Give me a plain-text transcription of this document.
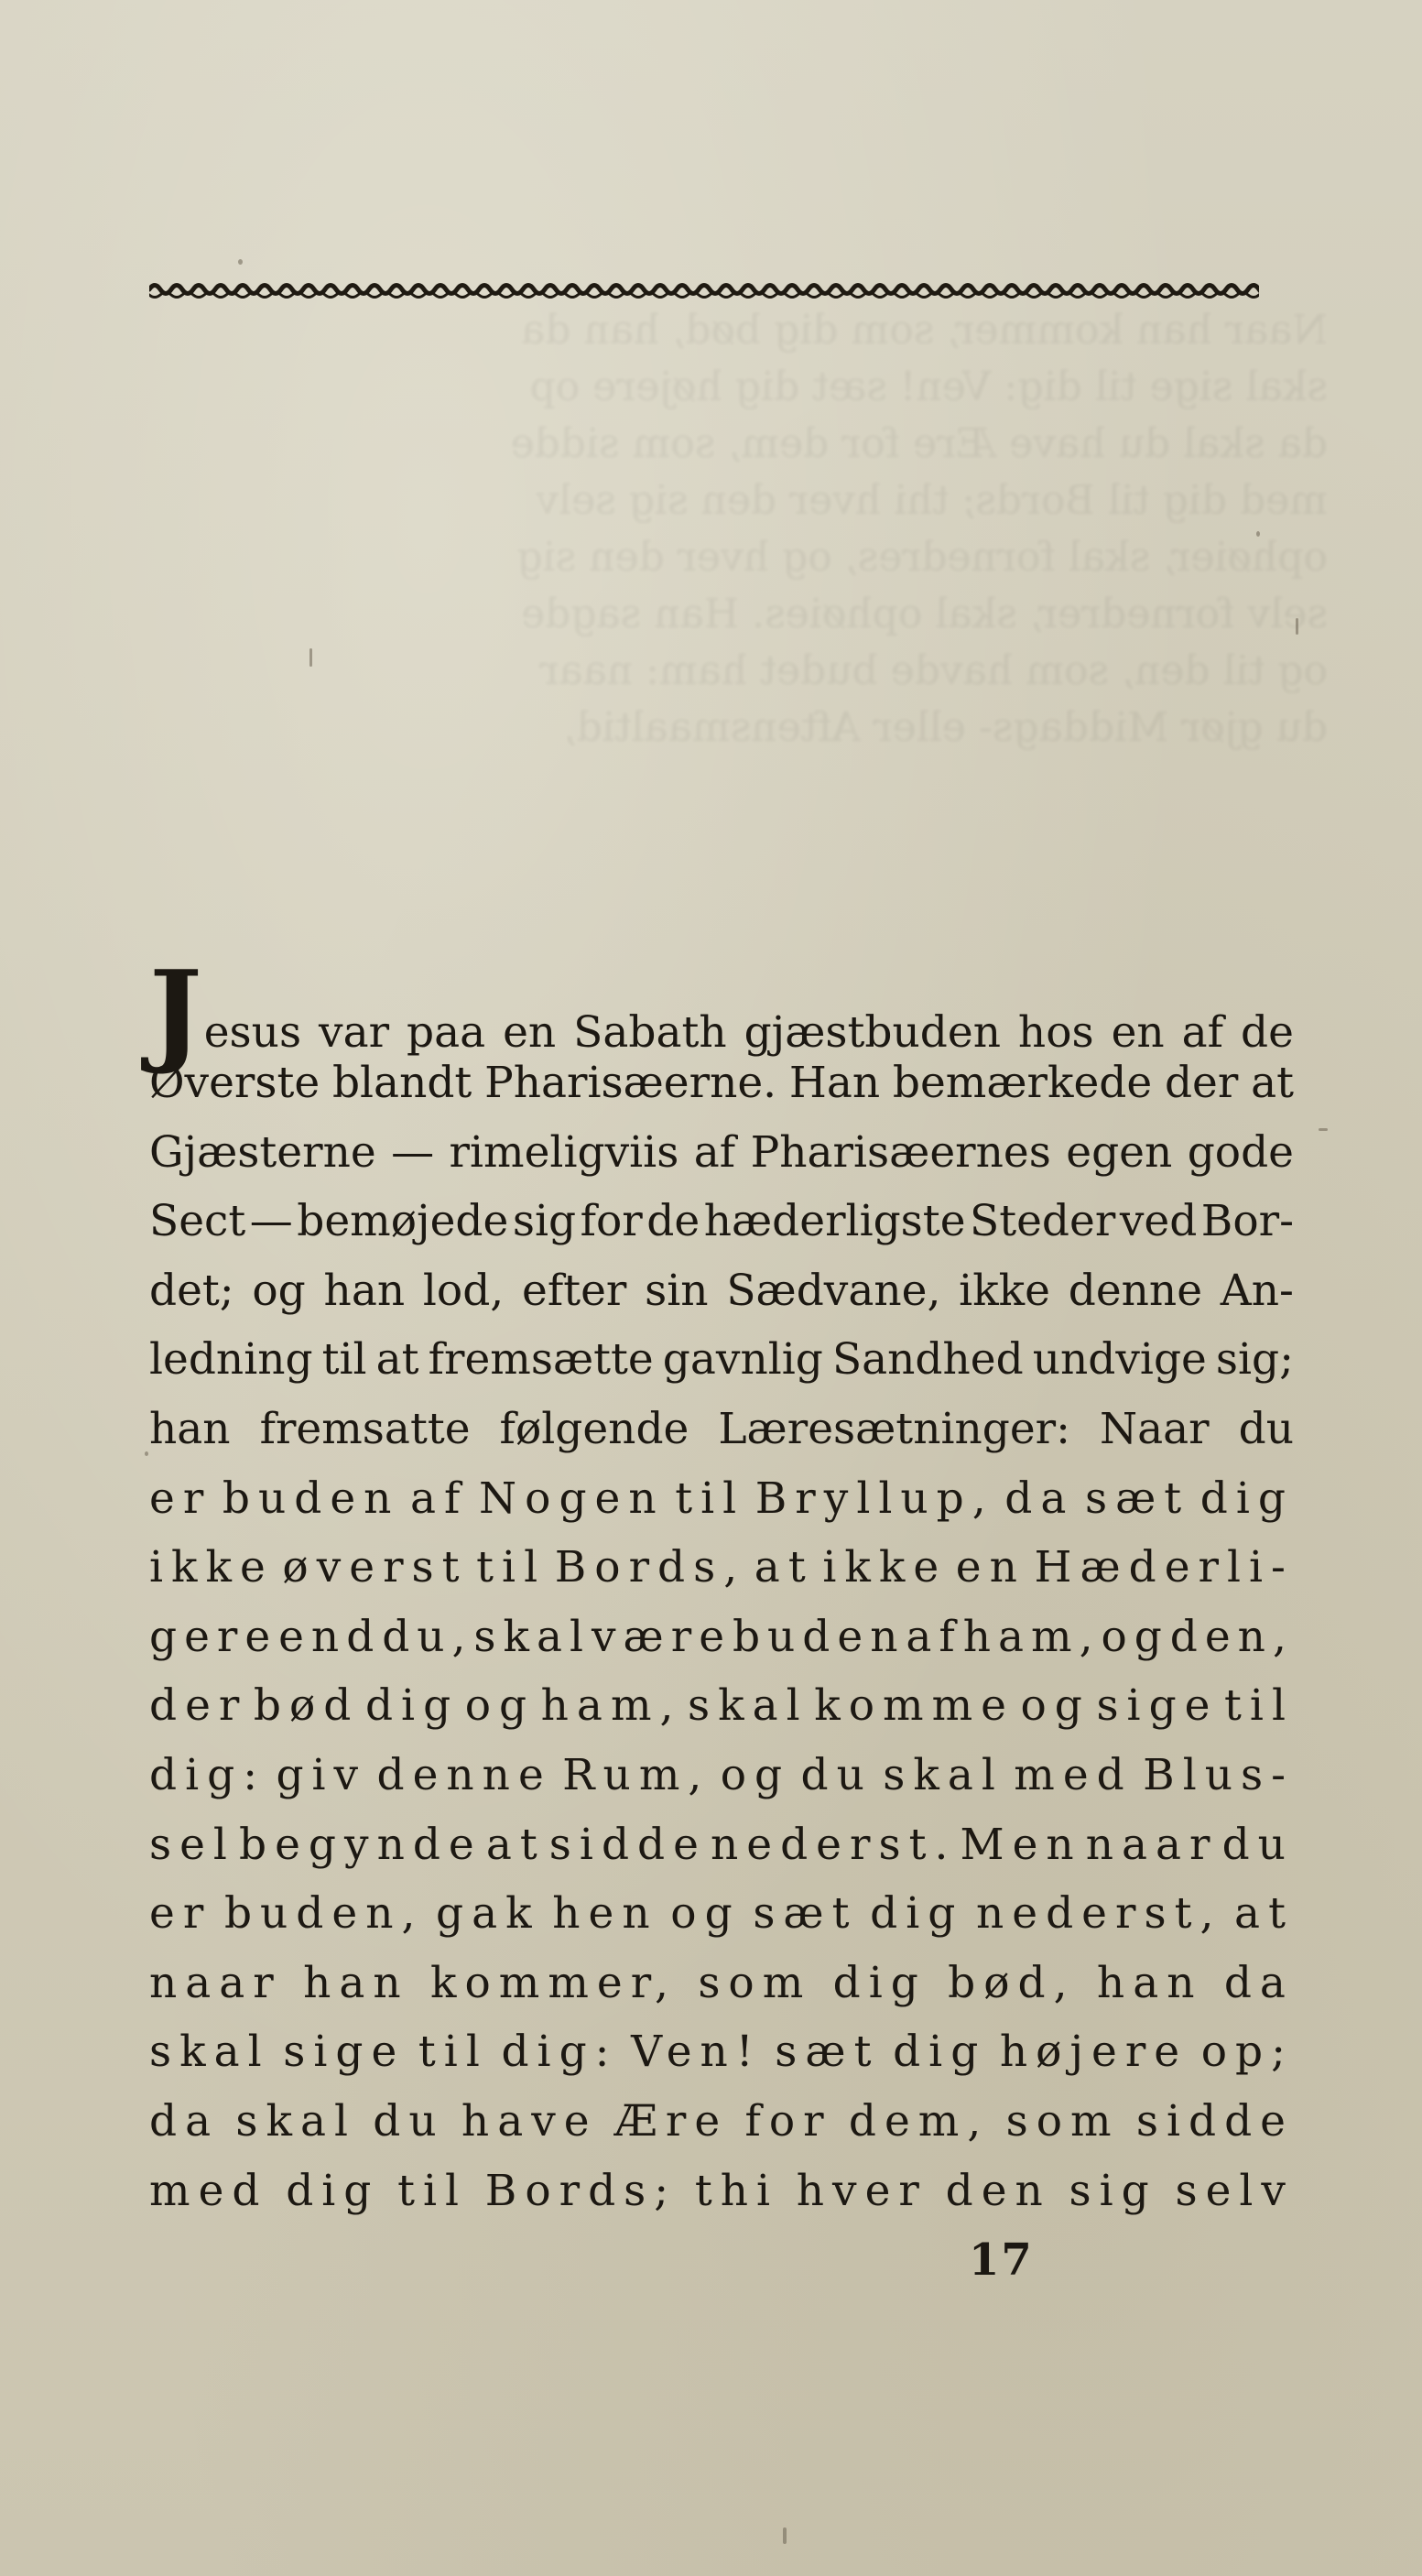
Naar han kommer, som dig bød, han da
skal sige til dig: Ven! sæt dig højere op
da skal du have Ære for dem, som sidde
med dig til Bords; thi hver den sig selv
ophøier, skal fornedres, og hver den sig
selv fornedrer, skal ophøies. Han sagde
og til den, som havde budet ham: naar
du gjør Middags- eller Aftensmaaltid,
Jesus var paa en Sabath gjæstbuden hos en af de
Øverste blandt Pharisæerne. Han bemærkede der at
Gjæsterne — rimeligviis af Pharisæernes egen gode
Sect — bemøjede sig for de hæderligste Steder ved Bor-
det; og han lod, efter sin Sædvane, ikke denne An-
ledning til at fremsætte gavnlig Sandhed undvige sig;
han fremsatte følgende Læresætninger: Naar du
er buden af Nogen til Bryllup, da sæt dig
ikke øverst til Bords, at ikke en Hæderli-
gere end du, skal være buden af ham, og den,
der bød dig og ham, skal komme og sige til
dig: giv denne Rum, og du skal med Blus-
sel begynde at sidde nederst. Men naar du
er buden, gak hen og sæt dig nederst, at
naar han kommer, som dig bød, han da
skal sige til dig: Ven! sæt dig højere op;
da skal du have Ære for dem, som sidde
med dig til Bords; thi hver den sig selv
17
